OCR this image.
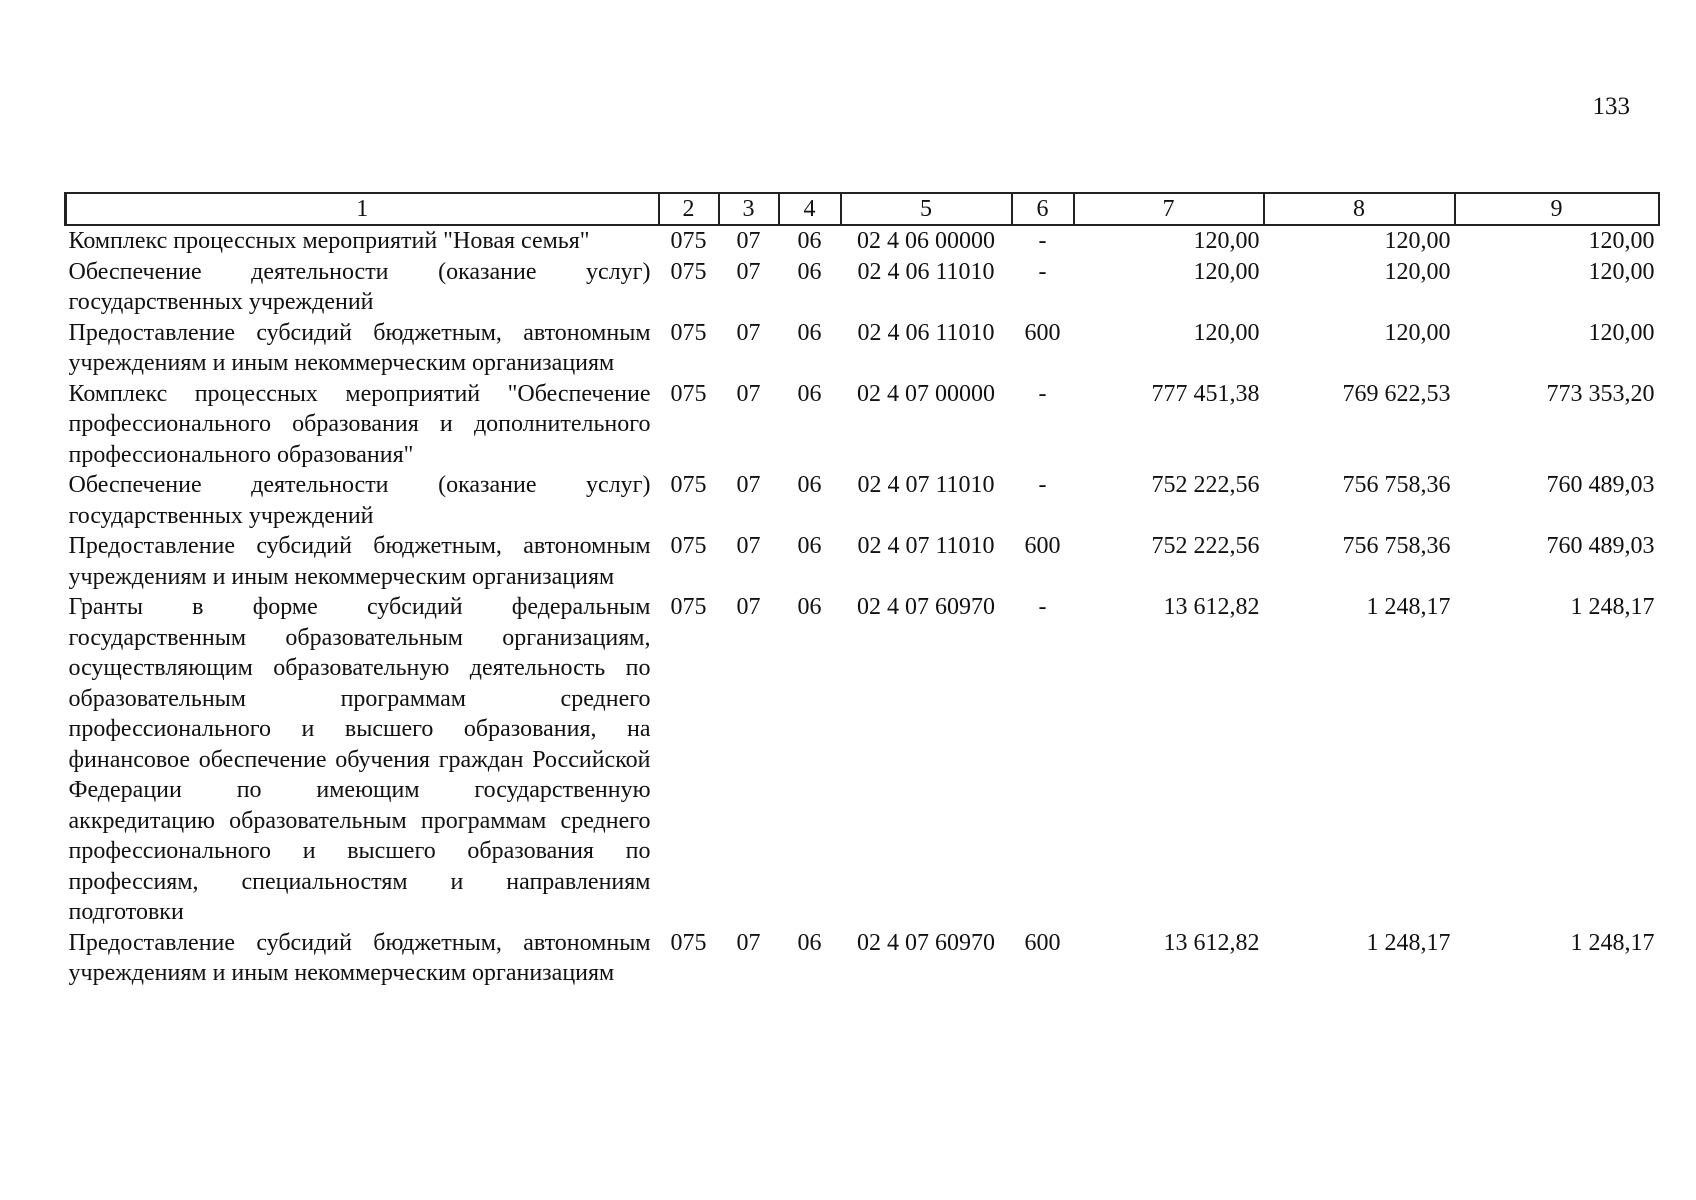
133
1	2	3	4	5	6	7	8	9
Комплекс процессных мероприятий "Новая семья"	075	07	06	02 4 06 00000	-	120,00	120,00	120,00
Обеспечение деятельности (оказание услуг) государственных учреждений	075	07	06	02 4 06 11010	-	120,00	120,00	120,00
Предоставление субсидий бюджетным, автономным учреждениям и иным некоммерческим организациям	075	07	06	02 4 06 11010	600	120,00	120,00	120,00
Комплекс процессных мероприятий "Обеспечение профессионального образования и дополнительного профессионального образования"	075	07	06	02 4 07 00000	-	777 451,38	769 622,53	773 353,20
Обеспечение деятельности (оказание услуг) государственных учреждений	075	07	06	02 4 07 11010	-	752 222,56	756 758,36	760 489,03
Предоставление субсидий бюджетным, автономным учреждениям и иным некоммерческим организациям	075	07	06	02 4 07 11010	600	752 222,56	756 758,36	760 489,03
Гранты в форме субсидий федеральным государственным образовательным организациям, осуществляющим образовательную деятельность по образовательным программам среднего профессионального и высшего образования, на финансовое обеспечение обучения граждан Российской Федерации по имеющим государственную аккредитацию образовательным программам среднего профессионального и высшего образования по профессиям, специальностям и направлениям подготовки	075	07	06	02 4 07 60970	-	13 612,82	1 248,17	1 248,17
Предоставление субсидий бюджетным, автономным учреждениям и иным некоммерческим организациям	075	07	06	02 4 07 60970	600	13 612,82	1 248,17	1 248,17
